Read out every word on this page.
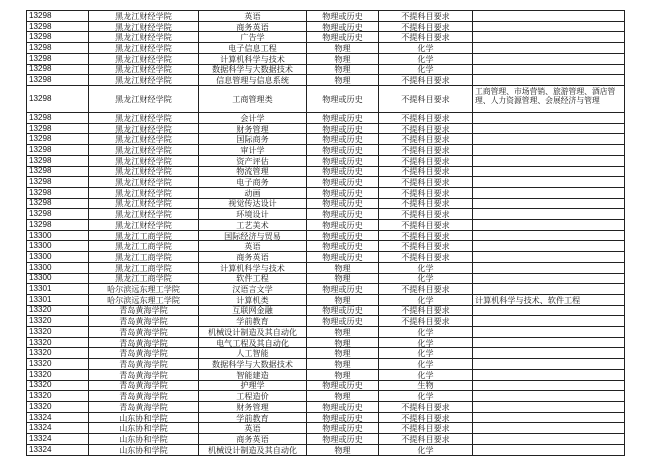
13298	黑龙江财经学院	英语	物理或历史	不提科目要求	
13298	黑龙江财经学院	商务英语	物理或历史	不提科目要求	
13298	黑龙江财经学院	广告学	物理或历史	不提科目要求	
13298	黑龙江财经学院	电子信息工程	物理	化学	
13298	黑龙江财经学院	计算机科学与技术	物理	化学	
13298	黑龙江财经学院	数据科学与大数据技术	物理	化学	
13298	黑龙江财经学院	信息管理与信息系统	物理	不提科目要求	
13298	黑龙江财经学院	工商管理类	物理或历史	不提科目要求	工商管理、市场营销、旅游管理、酒店管理、人力资源管理、会展经济与管理
13298	黑龙江财经学院	会计学	物理或历史	不提科目要求	
13298	黑龙江财经学院	财务管理	物理或历史	不提科目要求	
13298	黑龙江财经学院	国际商务	物理或历史	不提科目要求	
13298	黑龙江财经学院	审计学	物理或历史	不提科目要求	
13298	黑龙江财经学院	资产评估	物理或历史	不提科目要求	
13298	黑龙江财经学院	物流管理	物理或历史	不提科目要求	
13298	黑龙江财经学院	电子商务	物理或历史	不提科目要求	
13298	黑龙江财经学院	动画	物理或历史	不提科目要求	
13298	黑龙江财经学院	视觉传达设计	物理或历史	不提科目要求	
13298	黑龙江财经学院	环境设计	物理或历史	不提科目要求	
13298	黑龙江财经学院	工艺美术	物理或历史	不提科目要求	
13300	黑龙江工商学院	国际经济与贸易	物理或历史	不提科目要求	
13300	黑龙江工商学院	英语	物理或历史	不提科目要求	
13300	黑龙江工商学院	商务英语	物理或历史	不提科目要求	
13300	黑龙江工商学院	计算机科学与技术	物理	化学	
13300	黑龙江工商学院	软件工程	物理	化学	
13301	哈尔滨远东理工学院	汉语言文学	物理或历史	不提科目要求	
13301	哈尔滨远东理工学院	计算机类	物理	化学	计算机科学与技术、软件工程
13320	青岛黄海学院	互联网金融	物理或历史	不提科目要求	
13320	青岛黄海学院	学前教育	物理或历史	不提科目要求	
13320	青岛黄海学院	机械设计制造及其自动化	物理	化学	
13320	青岛黄海学院	电气工程及其自动化	物理	化学	
13320	青岛黄海学院	人工智能	物理	化学	
13320	青岛黄海学院	数据科学与大数据技术	物理	化学	
13320	青岛黄海学院	智能建造	物理	化学	
13320	青岛黄海学院	护理学	物理或历史	生物	
13320	青岛黄海学院	工程造价	物理	化学	
13320	青岛黄海学院	财务管理	物理或历史	不提科目要求	
13324	山东协和学院	学前教育	物理或历史	不提科目要求	
13324	山东协和学院	英语	物理或历史	不提科目要求	
13324	山东协和学院	商务英语	物理或历史	不提科目要求	
13324	山东协和学院	机械设计制造及其自动化	物理	化学	
